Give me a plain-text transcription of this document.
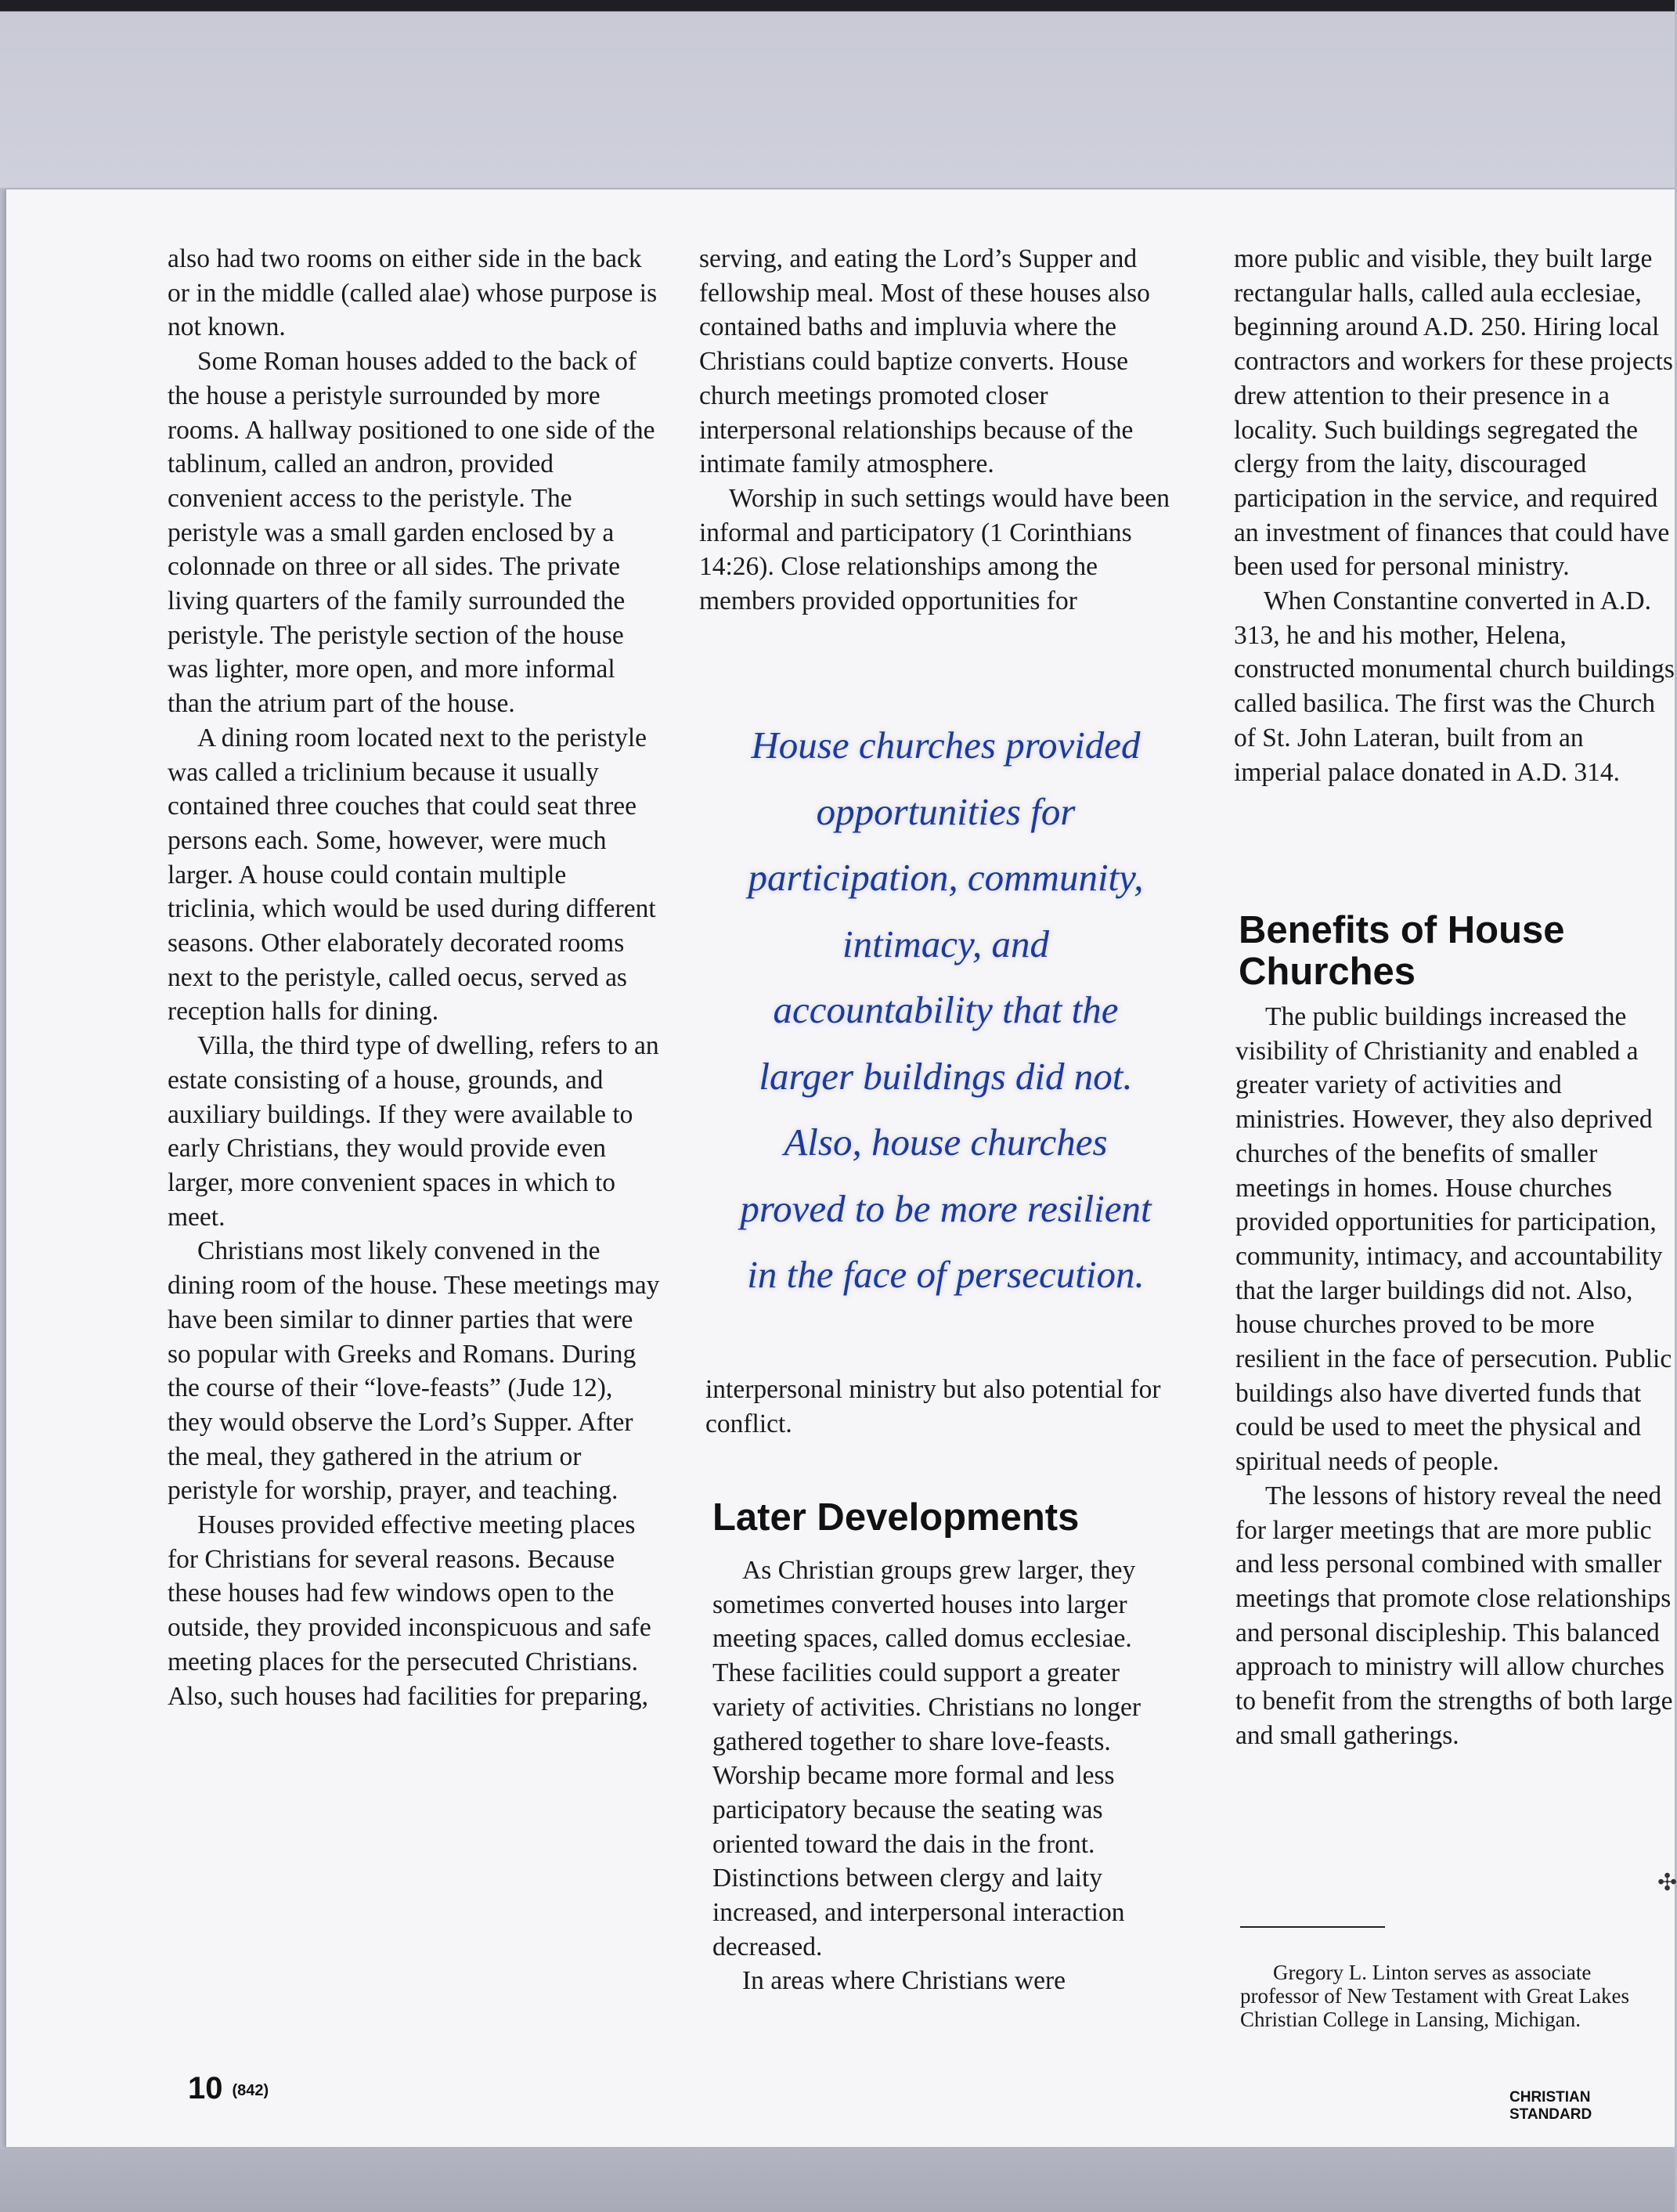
also had two rooms on either side in the back or in the middle (called alae) whose purpose is not known.

Some Roman houses added to the back of the house a peristyle surrounded by more rooms. A hallway positioned to one side of the tablinum, called an andron, provided convenient access to the peristyle. The peristyle was a small garden enclosed by a colonnade on three or all sides. The private living quarters of the family surrounded the peristyle. The peristyle section of the house was lighter, more open, and more informal than the atrium part of the house.

A dining room located next to the peristyle was called a triclinium because it usually contained three couches that could seat three persons each. Some, however, were much larger. A house could contain multiple triclinia, which would be used during different seasons. Other elaborately decorated rooms next to the peristyle, called oecus, served as reception halls for dining.

Villa, the third type of dwelling, refers to an estate consisting of a house, grounds, and auxiliary buildings. If they were available to early Christians, they would provide even larger, more convenient spaces in which to meet.

Christians most likely convened in the dining room of the house. These meetings may have been similar to dinner parties that were so popular with Greeks and Romans. During the course of their “love-feasts” (Jude 12), they would observe the Lord’s Supper. After the meal, they gathered in the atrium or peristyle for worship, prayer, and teaching.

Houses provided effective meeting places for Christians for several reasons. Because these houses had few windows open to the outside, they provided inconspicuous and safe meeting places for the persecuted Christians. Also, such houses had facilities for preparing,

serving, and eating the Lord’s Supper and fellowship meal. Most of these houses also contained baths and impluvia where the Christians could baptize converts. House church meetings promoted closer interpersonal relationships because of the intimate family atmosphere.

Worship in such settings would have been informal and participatory (1 Corinthians 14:26). Close relationships among the members provided opportunities for

House churches provided
opportunities for
participation, community,
intimacy, and
accountability that the
larger buildings did not.
Also, house churches
proved to be more resilient
in the face of persecution.

interpersonal ministry but also potential for conflict.

Later Developments

As Christian groups grew larger, they sometimes converted houses into larger meeting spaces, called domus ecclesiae. These facilities could support a greater variety of activities. Christians no longer gathered together to share love-feasts. Worship became more formal and less participatory because the seating was oriented toward the dais in the front. Distinctions between clergy and laity increased, and interpersonal interaction decreased.

In areas where Christians were

more public and visible, they built large rectangular halls, called aula ecclesiae, beginning around A.D. 250. Hiring local contractors and workers for these projects drew attention to their presence in a locality. Such buildings segregated the clergy from the laity, discouraged participation in the service, and required an investment of finances that could have been used for personal ministry.

When Constantine converted in A.D. 313, he and his mother, Helena, constructed monumental church buildings called basilica. The first was the Church of St. John Lateran, built from an imperial palace donated in A.D. 314.

Benefits of House Churches

The public buildings increased the visibility of Christianity and enabled a greater variety of activities and ministries. However, they also deprived churches of the benefits of smaller meetings in homes. House churches provided opportunities for participation, community, intimacy, and accountability that the larger buildings did not. Also, house churches proved to be more resilient in the face of persecution. Public buildings also have diverted funds that could be used to meet the physical and spiritual needs of people.

The lessons of history reveal the need for larger meetings that are more public and less personal combined with smaller meetings that promote close relationships and personal discipleship. This balanced approach to ministry will allow churches to benefit from the strengths of both large and small gatherings.

✣
Gregory L. Linton serves as associate professor of New Testament with Great Lakes Christian College in Lansing, Michigan.
10 $^{(842)}$	CHRISTIAN STANDARD
